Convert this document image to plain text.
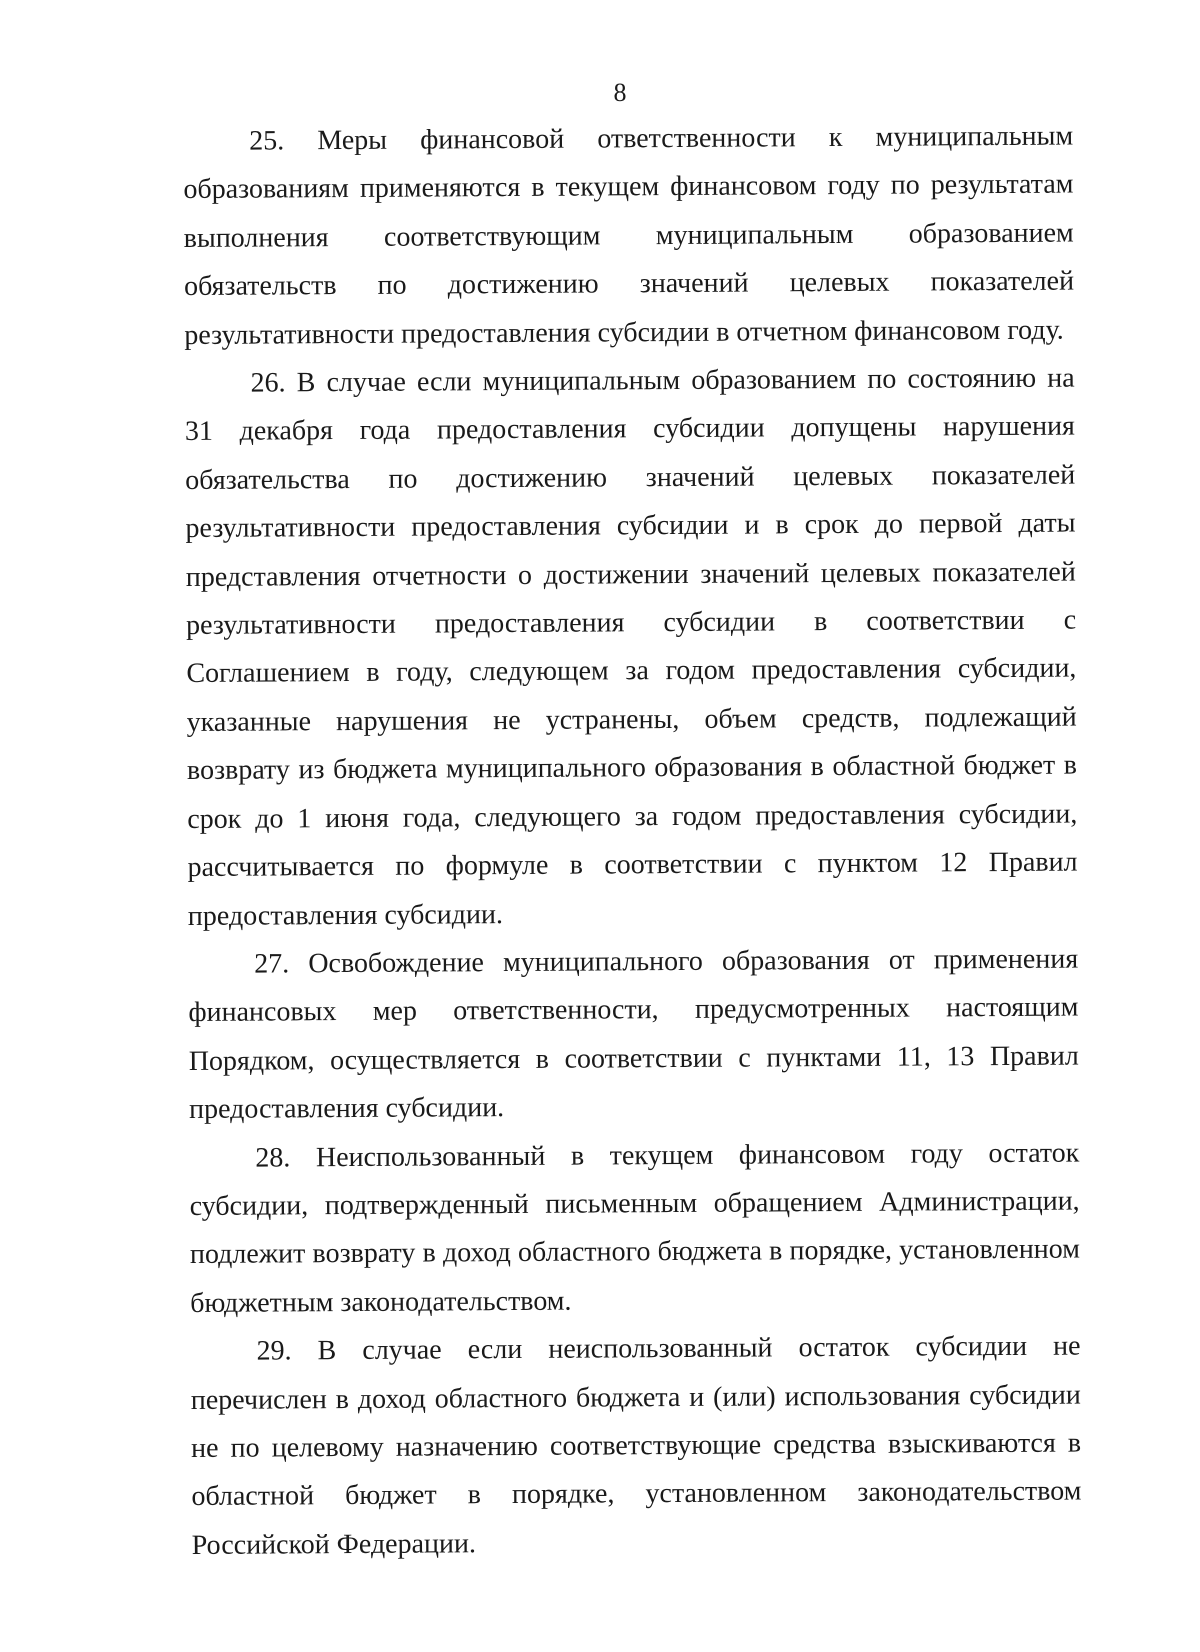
8

25. Меры финансовой ответственности к муниципальным образованиям применяются в текущем финансовом году по результатам выполнения соответствующим муниципальным образованием обязательств по достижению значений целевых показателей результативности предоставления субсидии в отчетном финансовом году.

26. В случае если муниципальным образованием по состоянию на 31 декабря года предоставления субсидии допущены нарушения обязательства по достижению значений целевых показателей результативности предоставления субсидии и в срок до первой даты представления отчетности о достижении значений целевых показателей результативности предоставления субсидии в соответствии с Соглашением в году, следующем за годом предоставления субсидии, указанные нарушения не устранены, объем средств, подлежащий возврату из бюджета муниципального образования в областной бюджет в срок до 1 июня года, следующего за годом предоставления субсидии, рассчитывается по формуле в соответствии с пунктом 12 Правил предоставления субсидии.

27. Освобождение муниципального образования от применения финансовых мер ответственности, предусмотренных настоящим Порядком, осуществляется в соответствии с пунктами 11, 13 Правил предоставления субсидии.

28. Неиспользованный в текущем финансовом году остаток субсидии, подтвержденный письменным обращением Администрации, подлежит возврату в доход областного бюджета в порядке, установленном бюджетным законодательством.

29. В случае если неиспользованный остаток субсидии не перечислен в доход областного бюджета и (или) использования субсидии не по целевому назначению соответствующие средства взыскиваются в областной бюджет в порядке, установленном законодательством Российской Федерации.
